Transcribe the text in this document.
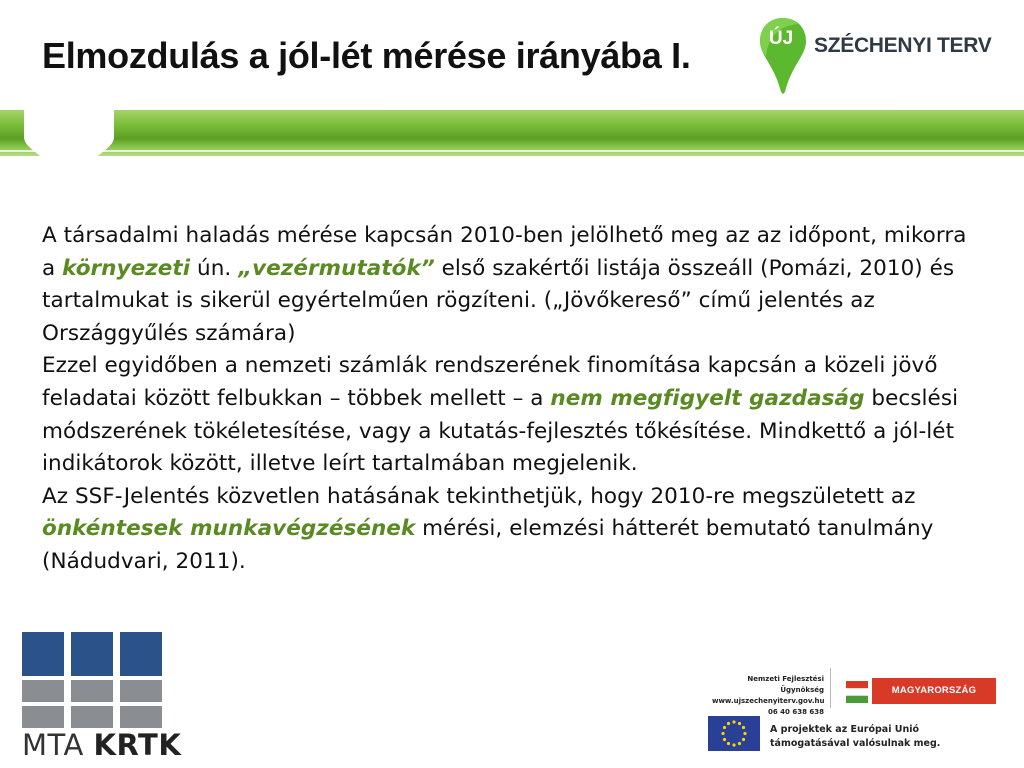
Elmozdulás a jól-lét mérése irányába I.	ÚJ SZÉCHENYI TERV

A társadalmi haladás mérése kapcsán 2010-ben jelölhető meg az az időpont, mikorra a környezeti ún. „vezérmutatók” első szakértői listája összeáll (Pomázi, 2010) és tartalmukat is sikerül egyértelműen rögzíteni. („Jövőkereső” című jelentés az Országgyűlés számára)

Ezzel egyidőben a nemzeti számlák rendszerének finomítása kapcsán a közeli jövő feladatai között felbukkan – többek mellett – a nem megfigyelt gazdaság becslési módszerének tökéletesítése, vagy a kutatás-fejlesztés tőkésítése. Mindkettő a jól-lét indikátorok között, illetve leírt tartalmában megjelenik.

Az SSF-Jelentés közvetlen hatásának tekinthetjük, hogy 2010-re megszületett az önkéntesek munkavégzésének mérési, elemzési hátterét bemutató tanulmány (Nádudvari, 2011).

MTA KRTK
Nemzeti Fejlesztési Ügynökség
www.ujszechenyiterv.gov.hu
06 40 638 638
MAGYARORSZÁG MEGÚJUL
A projektek az Európai Unió
támogatásával valósulnak meg.
